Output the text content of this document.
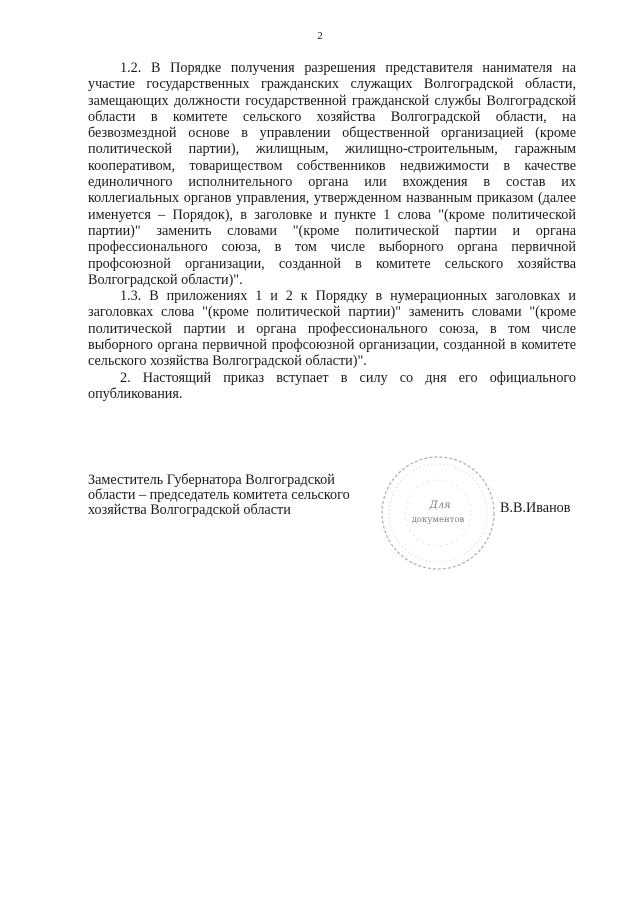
2

1.2. В Порядке получения разрешения представителя нанимателя на участие государственных гражданских служащих Волгоградской области, замещающих должности государственной гражданской службы Волгоградской области в комитете сельского хозяйства Волгоградской области, на безвозмездной основе в управлении общественной организацией (кроме политической партии), жилищным, жилищно-строительным, гаражным кооперативом, товариществом собственников недвижимости в качестве единоличного исполнительного органа или вхождения в состав их коллегиальных органов управления, утвержденном названным приказом (далее именуется – Порядок), в заголовке и пункте 1 слова "(кроме политической партии)" заменить словами "(кроме политической партии и органа профессионального союза, в том числе выборного органа первичной профсоюзной организации, созданной в комитете сельского хозяйства Волгоградской области)".

1.3. В приложениях 1 и 2 к Порядку в нумерационных заголовках и заголовках слова "(кроме политической партии)" заменить словами "(кроме политической партии и органа профессионального союза, в том числе выборного органа первичной профсоюзной организации, созданной в комитете сельского хозяйства Волгоградской области)".

2. Настоящий приказ вступает в силу со дня его официального опубликования.

Заместитель Губернатора Волгоградской области – председатель комитета сельского хозяйства Волгоградской области	Для
документов
В.В.Иванов
